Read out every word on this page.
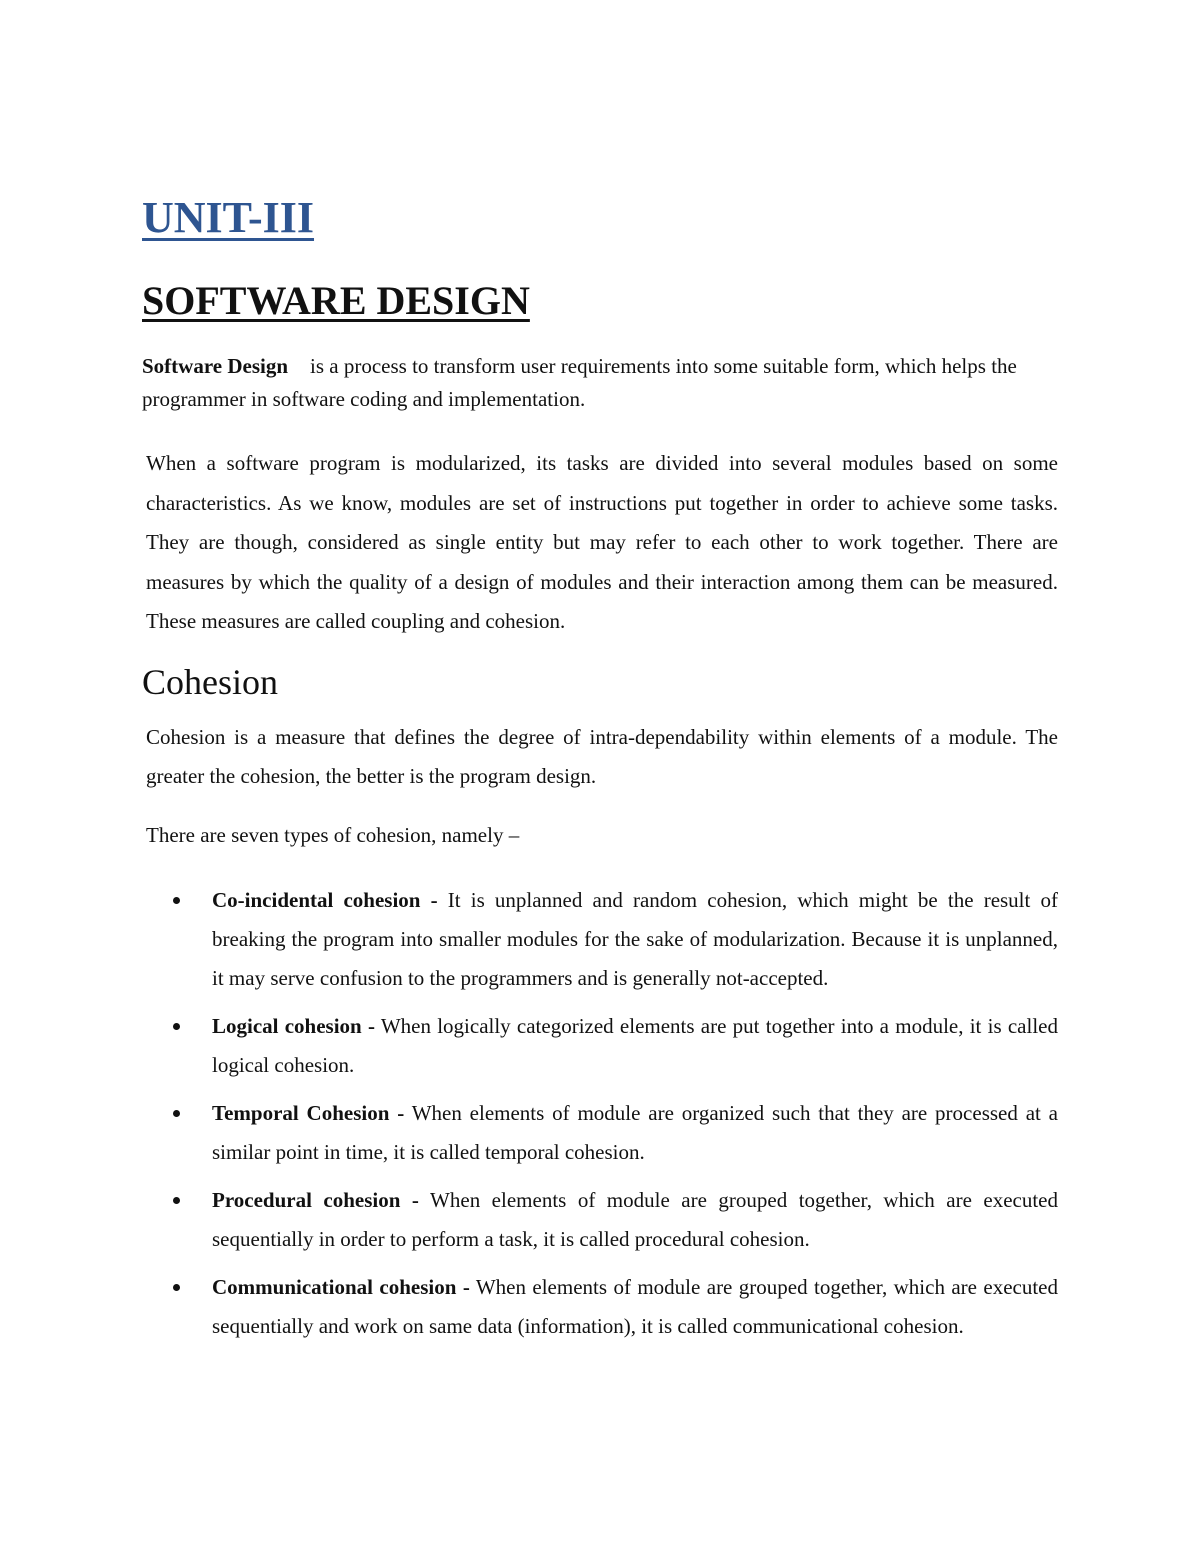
UNIT-III
SOFTWARE DESIGN

Software Design is a process to transform user requirements into some suitable form, which helps the programmer in software coding and implementation.

When a software program is modularized, its tasks are divided into several modules based on some characteristics. As we know, modules are set of instructions put together in order to achieve some tasks. They are though, considered as single entity but may refer to each other to work together. There are measures by which the quality of a design of modules and their interaction among them can be measured. These measures are called coupling and cohesion.

Cohesion

Cohesion is a measure that defines the degree of intra-dependability within elements of a module. The greater the cohesion, the better is the program design.

There are seven types of cohesion, namely –

Co-incidental cohesion - It is unplanned and random cohesion, which might be the result of breaking the program into smaller modules for the sake of modularization. Because it is unplanned, it may serve confusion to the programmers and is generally not-accepted.
Logical cohesion - When logically categorized elements are put together into a module, it is called logical cohesion.
Temporal Cohesion - When elements of module are organized such that they are processed at a similar point in time, it is called temporal cohesion.
Procedural cohesion - When elements of module are grouped together, which are executed sequentially in order to perform a task, it is called procedural cohesion.
Communicational cohesion - When elements of module are grouped together, which are executed sequentially and work on same data (information), it is called communicational cohesion.
